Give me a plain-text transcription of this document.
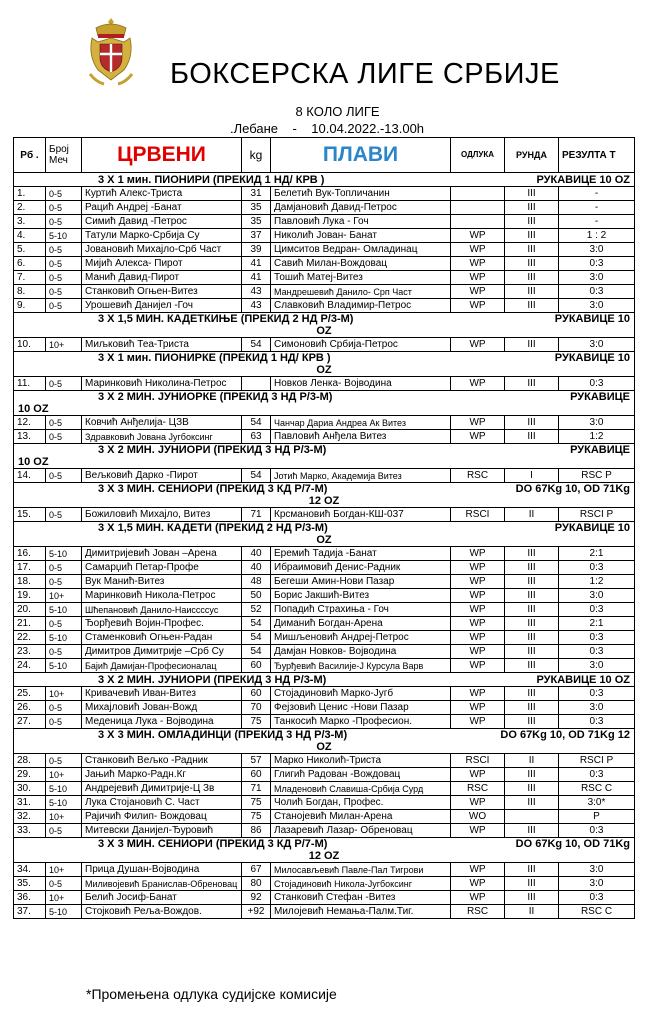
БОКСЕРСКА ЛИГЕ СРБИЈЕ
8 КОЛО ЛИГЕ
.Лебане - 10.04.2022.-13.00h
Рб .	Број Меч	ЦРВЕНИ	kg	ПЛАВИ	ОДЛУКА	РУНДА	РЕЗУЛТА Т

РУКАВИЦЕ 10 OZ
3 X 1 мин. ПИОНИРИ (ПРЕКИД 1 НД/ КРВ )							
1.	0-5	Куртић Алекс-Триста	31	Белетић Вук-Топличанин		III	-
2.	0-5	Рацић Андреј -Банат	35	Дамјановић Давид-Петрос		III	-
3.	0-5	Симић Давид -Петрос	35	Павловић Лука - Гоч		III	-
4.	5-10	Татули Марко-Србија Су	37	Николић Јован- Банат	WP	III	1 : 2
5.	0-5	Јовановић Михајло-Срб Част	39	Цимситов Ведран- Омладинац	WP	III	3:0
6.	0-5	Мијић Алекса- Пирот	41	Савић Милан-Вождовац	WP	III	0:3
7.	0-5	Манић Давид-Пирот	41	Тошић Матеј-Витез	WP	III	3:0
8.	0-5	Станковић Огњен-Витез	43	Мандрешевић Данило- Срп Част	WP	III	0:3
9.	0-5	Урошевић Данијел -Гоч	43	Славковић Владимир-Петрос	WP	III	3:0

РУКАВИЦЕ 10
3 X 1,5 МИН. КАДЕТКИЊЕ (ПРЕКИД 2 НД Р/3-М)
OZ							

10.	10+	Миљковић Теа-Триста	54	Симоновић Србија-Петрос	WP	III	3:0

РУКАВИЦЕ 10
3 X 1 мин. ПИОНИРКЕ (ПРЕКИД 1 НД/ КРВ )
OZ							

11.	0-5	Маринковић Николина-Петрос		Новков Ленка- Војводина	WP	III	0:3

РУКАВИЦЕ
3 X 2 МИН. ЈУНИОРКЕ (ПРЕКИД 3 НД Р/3-М)
10 OZ							

12.	0-5	Ковчић Анђелија- ЦЗВ	54	Чанчар Дариа Андреа Ак Витез	WP	III	3:0
13.	0-5	Здравковић Јована Југбоксинг	63	Павловић Анђела Витез	WP	III	1:2

РУКАВИЦЕ
3 X 2 МИН. ЈУНИОРИ (ПРЕКИД 3 НД Р/3-М)
10 OZ							

14.	0-5	Вељковић Дарко -Пирот	54	Јотић Марко, Академија Витез	RSC	I	RSC P

DO 67Kg 10, OD 71Kg
3 X 3 МИН. СЕНИОРИ (ПРЕКИД 3 КД Р/7-М)
12 OZ							

15.	0-5	Божиловић Михајло, Витез	71	Крсмановић Богдан-КШ-037	RSCI	II	RSCI P

РУКАВИЦЕ 10
3 X 1,5 МИН. КАДЕТИ (ПРЕКИД 2 НД Р/3-М)
OZ							

16.	5-10	Димитријевић Јован –Арена	40	Еремић Тадија -Банат	WP	III	2:1
17.	0-5	Самарџић Петар-Профе	40	Ибраимовић Денис-Радник	WP	III	0:3
18.	0-5	Вук Манић-Витез	48	Бегеши Амин-Нови Пазар	WP	III	1:2
19.	10+	Маринковић Никола-Петрос	50	Борис Јакшић-Витез	WP	III	3:0
20.	5-10	Шћепановић Данило-Наиссссус	52	Попадић Страхиња - Гоч	WP	III	0:3
21.	0-5	Ђорђевић Војин-Профес.	54	Диманић Богдан-Арена	WP	III	2:1
22.	5-10	Стаменковић Огњен-Радан	54	Мишљеновић Андреј-Петрос	WP	III	0:3
23.	0-5	Димитров Димитрије –Срб Су	54	Дамјан Новков- Војводина	WP	III	0:3
24.	5-10	Бајић Дамијан-Професионалац	60	Ђурђевић Василије-Ј Курсула Варв	WP	III	3:0

РУКАВИЦЕ 10 OZ
3 X 2 МИН. ЈУНИОРИ (ПРЕКИД 3 НД Р/3-М)							
25.	10+	Кривачевић Иван-Витез	60	Стојадиновић Марко-Југб	WP	III	0:3
26.	0-5	Михајловић Јован-Вожд	70	Фејзовић Ценис -Нови Пазар	WP	III	3:0
27.	0-5	Меденица Лука - Војводина	75	Танкосић Марко -Професион.	WP	III	0:3

DO 67Kg 10, OD 71Kg 12
3 X 3 МИН. ОМЛАДИНЦИ (ПРЕКИД 3 НД Р/3-М)
OZ							

28.	0-5	Станковић Вељко -Радник	57	Марко Николић-Триста	RSCI	II	RSCI P
29.	10+	Јањић Марко-Радн.Кг	60	Глигић Радован -Вождовац	WP	III	0:3
30.	5-10	Андрејевић Димитрије-Ц Зв	71	Младеновић Славиша-Србија Сурд	RSC	III	RSC C
31.	5-10	Лука Стојановић С. Част	75	Чолић Богдан, Профес.	WP	III	3:0*
32.	10+	Рајичић Филип- Вождовац	75	Станојевић Милан-Арена	WO		P
33.	0-5	Митевски Данијел-Ђуровић	86	Лазаревић Лазар- Обреновац	WP	III	0:3

DO 67Kg 10, OD 71Kg
3 X 3 МИН. СЕНИОРИ (ПРЕКИД 3 КД Р/7-М)
12 OZ							

34.	10+	Прица Душан-Војводина	67	Милосављевић Павле-Пал Тигрови	WP	III	3:0
35.	0-5	Миливојевић Бранислав-Обреновац	80	Стојадиновић Никола-Југбоксинг	WP	III	3:0
36.	10+	Белић Јосиф-Банат	92	Станковић Стефан -Витез	WP	III	0:3
37.	5-10	Стојковић Рељa-Вождов.	+92	Милојевић Немања-Палм.Тиг.	RSC	II	RSC C
*Промењена одлука судијске комисије
